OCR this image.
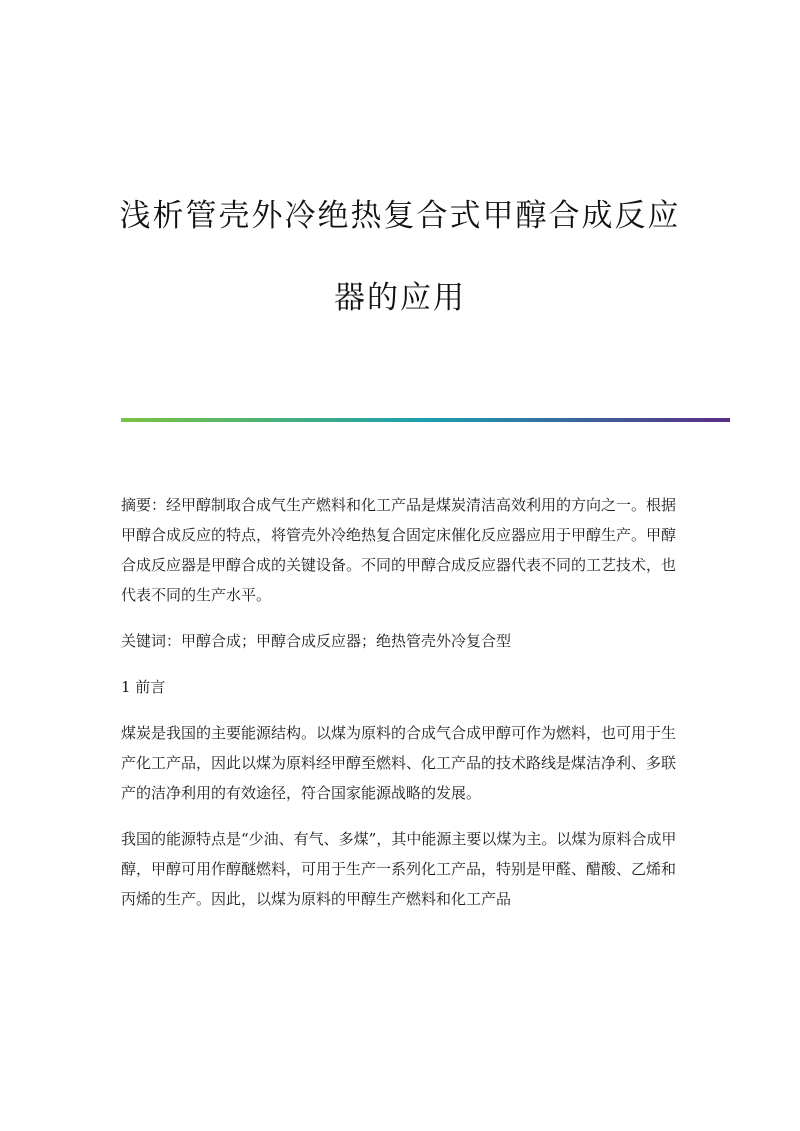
浅析管壳外冷绝热复合式甲醇合成反应
器的应用

摘要：经甲醇制取合成气生产燃料和化工产品是煤炭清洁高效利用的方向之一。根据甲醇合成反应的特点，将管壳外冷绝热复合固定床催化反应器应用于甲醇生产。甲醇合成反应器是甲醇合成的关键设备。不同的甲醇合成反应器代表不同的工艺技术，也代表不同的生产水平。

关键词：甲醇合成；甲醇合成反应器；绝热管壳外冷复合型

1 前言

煤炭是我国的主要能源结构。以煤为原料的合成气合成甲醇可作为燃料，也可用于生产化工产品，因此以煤为原料经甲醇至燃料、化工产品的技术路线是煤洁净利、多联产的洁净利用的有效途径，符合国家能源战略的发展。

我国的能源特点是“少油、有气、多煤”，其中能源主要以煤为主。以煤为原料合成甲醇，甲醇可用作醇醚燃料，可用于生产一系列化工产品，特别是甲醛、醋酸、乙烯和丙烯的生产。因此，以煤为原料的甲醇生产燃料和化工产品
